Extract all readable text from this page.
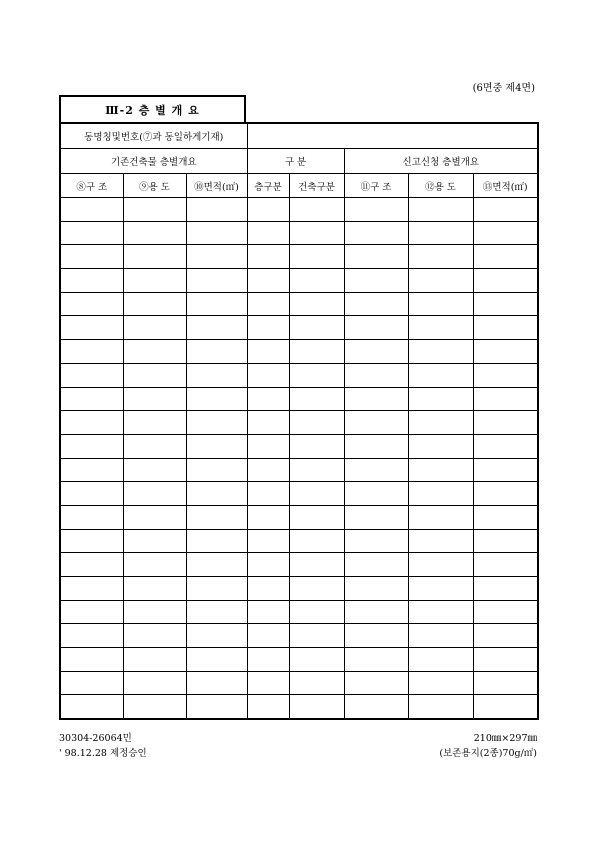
(6면중 제4면)
Ⅲ-2 층 별 개 요
동명칭및번호(⑦과 동일하게기재)							
기존건축물 층별개요			구 분		신고신청 층별개요		
⑧구 조	⑨용 도	⑩면적(㎡)	층구분	건축구분	⑪구 조	⑫용 도	⑬면적(㎡)

30304-26064민
' 98.12.28 제정승인
210㎜×297㎜
(보존용지(2종)70g/㎡)
